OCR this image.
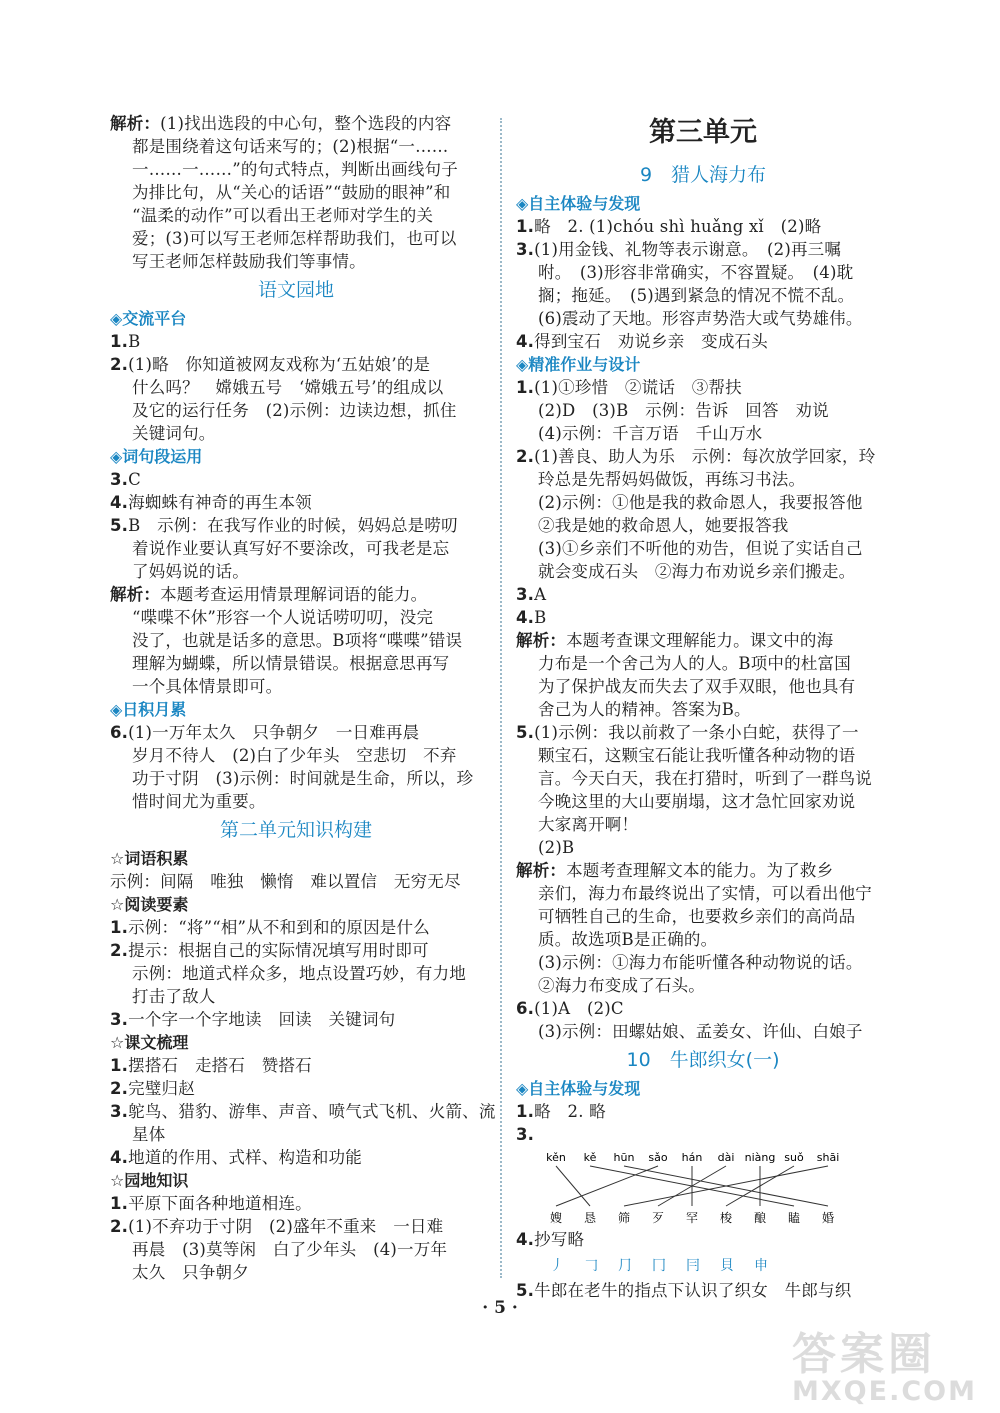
解析：(1)找出选段的中心句，整个选段的内容
都是围绕着这句话来写的；(2)根据“一……
一……一……”的句式特点，判断出画线句子
为排比句，从“关心的话语”“鼓励的眼神”和
“温柔的动作”可以看出王老师对学生的关
爱；(3)可以写王老师怎样帮助我们，也可以
写王老师怎样鼓励我们等事情。
语文园地
◈交流平台
1.B
2.(1)略　你知道被网友戏称为‘五姑娘’的是
什么吗？　嫦娥五号　‘嫦娥五号’的组成以
及它的运行任务　(2)示例：边读边想，抓住
关键词句。
◈词句段运用
3.C
4.海蜘蛛有神奇的再生本领
5.B　示例：在我写作业的时候，妈妈总是唠叨
着说作业要认真写好不要涂改，可我老是忘
了妈妈说的话。
解析：本题考查运用情景理解词语的能力。
“喋喋不休”形容一个人说话唠叨叨，没完
没了，也就是话多的意思。B项将“喋喋”错误
理解为蝴蝶，所以情景错误。根据意思再写
一个具体情景即可。
◈日积月累
6.(1)一万年太久　只争朝夕　一日难再晨
岁月不待人　(2)白了少年头　空悲切　不弃
功于寸阴　(3)示例：时间就是生命，所以，珍
惜时间尤为重要。
第二单元知识构建
☆词语积累
示例：间隔　唯独　懒惰　难以置信　无穷无尽
☆阅读要素
1.示例：“将”“相”从不和到和的原因是什么
2.提示：根据自己的实际情况填写用时即可
示例：地道式样众多，地点设置巧妙，有力地
打击了敌人
3.一个字一个字地读　回读　关键词句
☆课文梳理
1.摆搭石　走搭石　赞搭石
2.完璧归赵
3.鸵鸟、猎豹、游隼、声音、喷气式飞机、火箭、流
星体
4.地道的作用、式样、构造和功能
☆园地知识
1.平原下面各种地道相连。
2.(1)不弃功于寸阴　(2)盛年不重来　一日难
再晨　(3)莫等闲　白了少年头　(4)一万年
太久　只争朝夕
第三单元
9　猎人海力布
◈自主体验与发现
1.略　2. (1)chóu shì huǎng xǐ　(2)略
3.(1)用金钱、礼物等表示谢意。　(2)再三嘱
咐。　(3)形容非常确实，不容置疑。　(4)耽
搁；拖延。　(5)遇到紧急的情况不慌不乱。
(6)震动了天地。形容声势浩大或气势雄伟。
4.得到宝石　劝说乡亲　变成石头
◈精准作业与设计
1.(1)①珍惜　②谎话　③帮扶
(2)D　(3)B　示例：告诉　回答　劝说
(4)示例：千言万语　千山万水
2.(1)善良、助人为乐　示例：每次放学回家，玲
玲总是先帮妈妈做饭，再练习书法。
(2)示例：①他是我的救命恩人，我要报答他
②我是她的救命恩人，她要报答我
(3)①乡亲们不听他的劝告，但说了实话自己
就会变成石头　②海力布劝说乡亲们搬走。
3.A
4.B
解析：本题考查课文理解能力。课文中的海
力布是一个舍己为人的人。B项中的杜富国
为了保护战友而失去了双手双眼，他也具有
舍己为人的精神。答案为B。
5.(1)示例：我以前救了一条小白蛇，获得了一
颗宝石，这颗宝石能让我听懂各种动物的语
言。今天白天，我在打猎时，听到了一群鸟说
今晚这里的大山要崩塌，这才急忙回家劝说
大家离开啊！
(2)B
解析：本题考查理解文本的能力。为了救乡
亲们，海力布最终说出了实情，可以看出他宁
可牺牲自己的生命，也要救乡亲们的高尚品
质。故选项B是正确的。
(3)示例：①海力布能听懂各种动物说的话。
②海力布变成了石头。
6.(1)A　(2)C
(3)示例：田螺姑娘、孟姜女、许仙、白娘子
10　牛郎织女(一)
◈自主体验与发现
1.略　2. 略
3.
kěn kě hūn sǎo hán dài niàng suǒ shāi
嫂 恳 筛 歹 罕 梭 酿 瞌 婚
4.抄写略
丿 𠃌 ⺆ 冂 冃 貝 申
5.牛郎在老牛的指点下认识了织女　牛郎与织
· 5 ·
答案圈
MXQE.COM
